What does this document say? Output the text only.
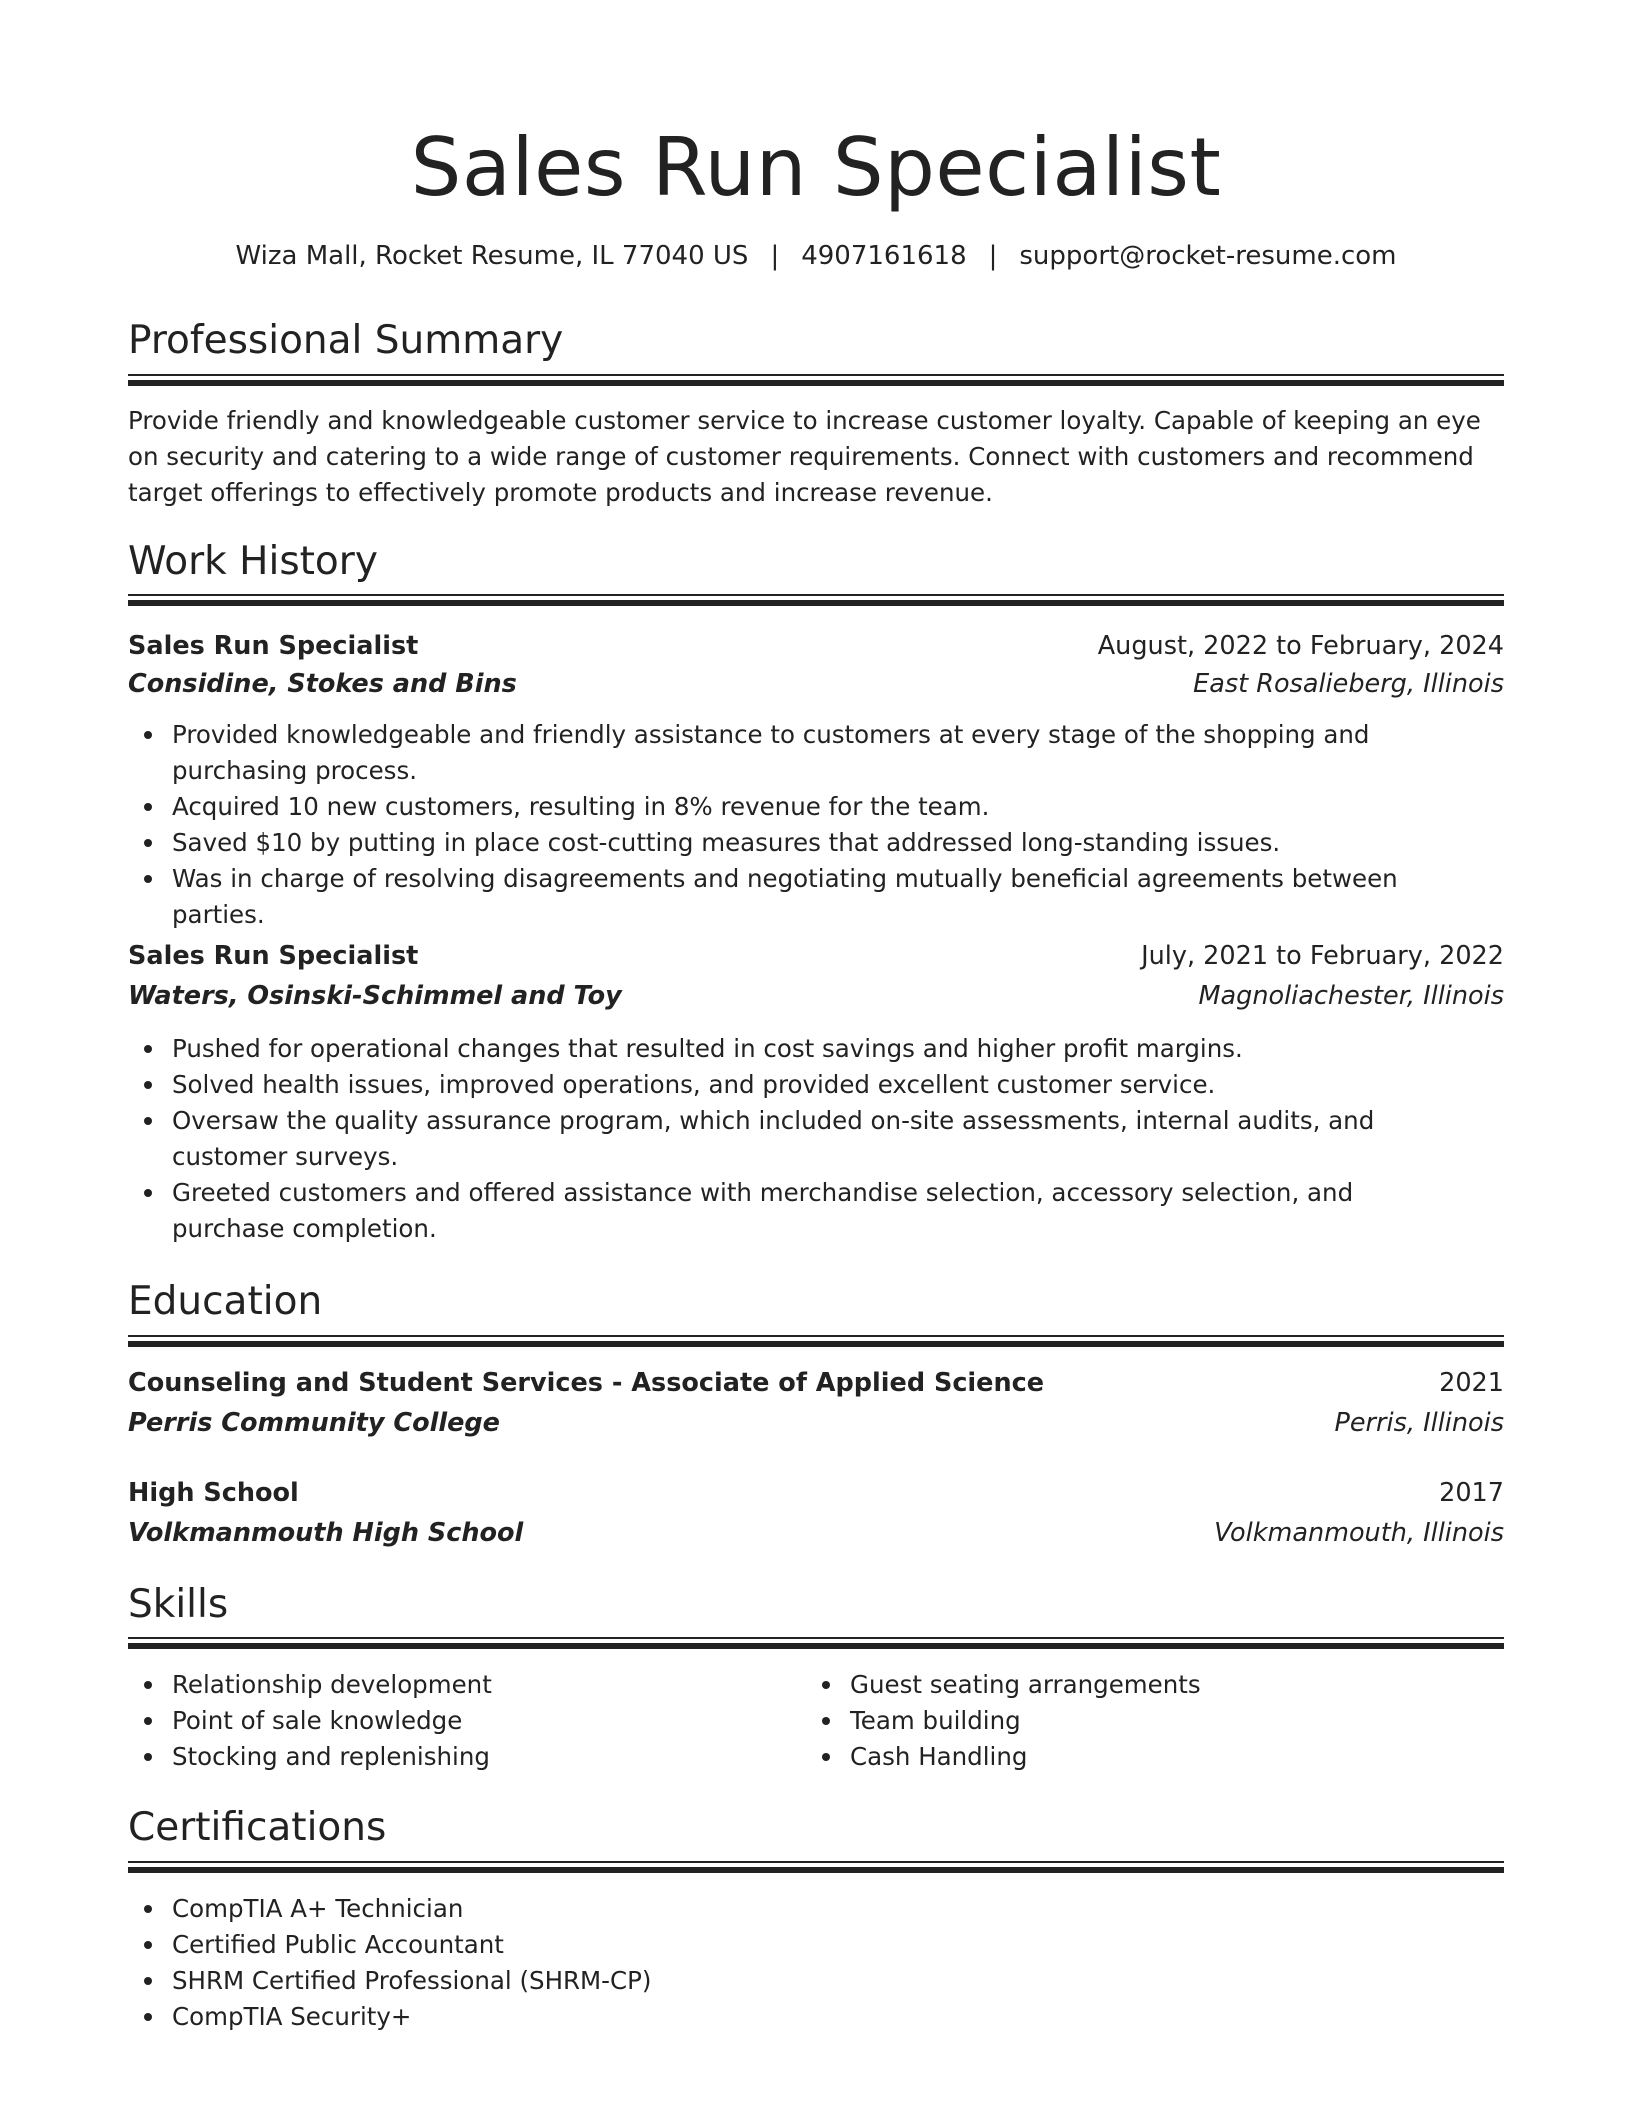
Sales Run Specialist
Wiza Mall, Rocket Resume, IL 77040 US | 4907161618 | support@rocket-resume.com
Professional Summary

Provide friendly and knowledgeable customer service to increase customer loyalty. Capable of keeping an eye on security and catering to a wide range of customer requirements. Connect with customers and recommend target offerings to effectively promote products and increase revenue.

Work History
Sales Run Specialist	August, 2022 to February, 2024
Considine, Stokes and Bins	East Rosalieberg, Illinois
Provided knowledgeable and friendly assistance to customers at every stage of the shopping and purchasing process.
Acquired 10 new customers, resulting in 8% revenue for the team.
Saved $10 by putting in place cost-cutting measures that addressed long-standing issues.
Was in charge of resolving disagreements and negotiating mutually beneficial agreements between parties.
Sales Run Specialist	July, 2021 to February, 2022
Waters, Osinski-Schimmel and Toy	Magnoliachester, Illinois
Pushed for operational changes that resulted in cost savings and higher profit margins.
Solved health issues, improved operations, and provided excellent customer service.
Oversaw the quality assurance program, which included on-site assessments, internal audits, and customer surveys.
Greeted customers and offered assistance with merchandise selection, accessory selection, and purchase completion.
Education
Counseling and Student Services - Associate of Applied Science	2021
Perris Community College	Perris, Illinois
High School	2017
Volkmanmouth High School	Volkmanmouth, Illinois
Skills
Relationship development
Point of sale knowledge
Stocking and replenishing
Guest seating arrangements
Team building
Cash Handling
Certifications
CompTIA A+ Technician
Certified Public Accountant
SHRM Certified Professional (SHRM-CP)
CompTIA Security+
